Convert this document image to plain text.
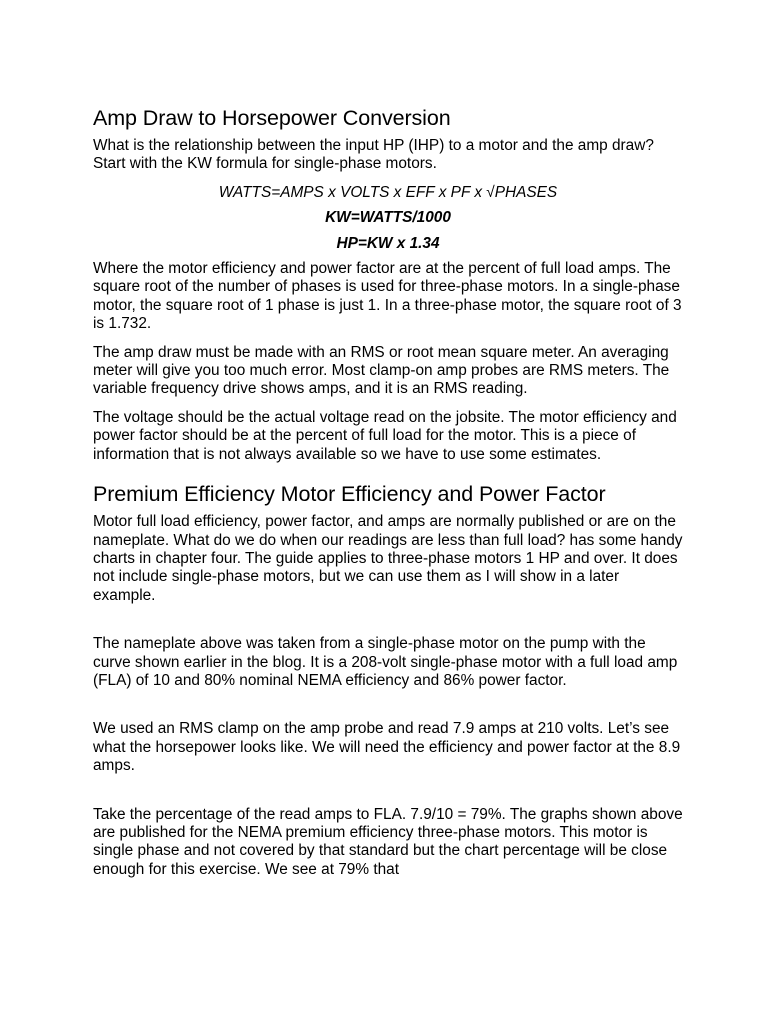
Amp Draw to Horsepower Conversion

What is the relationship between the input HP (IHP) to a motor and the amp draw? Start with the KW formula for single-phase motors.

WATTS=AMPS x VOLTS x EFF x PF x √PHASES
KW=WATTS/1000
HP=KW x 1.34

Where the motor efficiency and power factor are at the percent of full load amps. The square root of the number of phases is used for three-phase motors. In a single-phase motor, the square root of 1 phase is just 1. In a three-phase motor, the square root of 3 is 1.732.

The amp draw must be made with an RMS or root mean square meter. An averaging meter will give you too much error. Most clamp-on amp probes are RMS meters. The variable frequency drive shows amps, and it is an RMS reading.

The voltage should be the actual voltage read on the jobsite. The motor efficiency and power factor should be at the percent of full load for the motor. This is a piece of information that is not always available so we have to use some estimates.

Premium Efficiency Motor Efficiency and Power Factor

Motor full load efficiency, power factor, and amps are normally published or are on the nameplate. What do we do when our readings are less than full load? has some handy charts in chapter four. The guide applies to three-phase motors 1 HP and over. It does not include single-phase motors, but we can use them as I will show in a later example.

The nameplate above was taken from a single-phase motor on the pump with the curve shown earlier in the blog. It is a 208-volt single-phase motor with a full load amp (FLA) of 10 and 80% nominal NEMA efficiency and 86% power factor.

We used an RMS clamp on the amp probe and read 7.9 amps at 210 volts. Let’s see what the horsepower looks like. We will need the efficiency and power factor at the 8.9 amps.

Take the percentage of the read amps to FLA. 7.9/10 = 79%. The graphs shown above are published for the NEMA premium efficiency three-phase motors. This motor is single phase and not covered by that standard but the chart percentage will be close enough for this exercise. We see at 79% that
